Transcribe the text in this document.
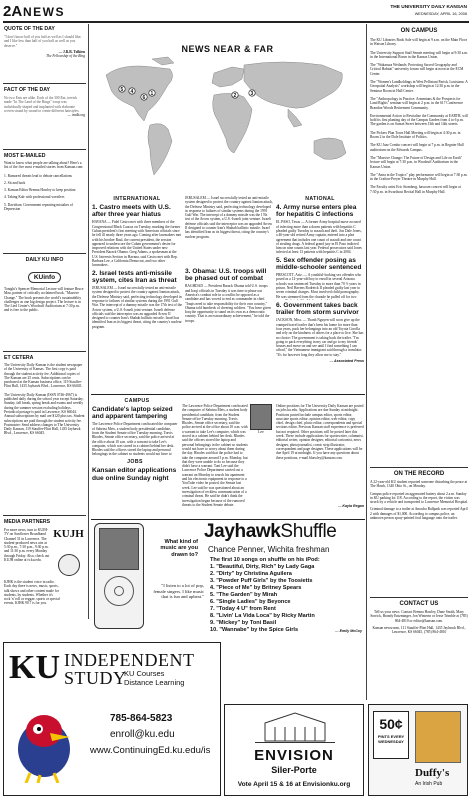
2A NEWS	THE UNIVERSITY DAILY KANSAN
WEDNESDAY, APRIL 16, 2008
QUOTE OF THE DAY
"I don't know half of you half as well as I should like; and I like less than half of you half as well as you deserve."
— J.R.R. Tolkien
The Fellowship of the Ring
FACT OF THE DAY
No two Ents are alike. Each of the 300 Ent, treeish made "In The Land of the Rings" troop was individually shaped and implanted with elaborate woven strand by strand to create different hairstyles.
— imdb.org
MOST E-MAILED
Want to know what people are talking about? Here's a list of the five most e-mailed stories from Kansan.com:
1. Rumored threats lead to debate cancellations
2. Sit and back
3. Kansan Editor Brenna Hawley to keep position
4. Taking Kalr with professional wrestlers
5. Davidson: Government repeating mistakes of Depression
DAILY KU INFO
KUinfo
Tonight's Spencer Memorial Lecture will feature Bruce Mau, partner of critically acclaimed book, "Massive Change." The book presents the world's sustainability challenges as one big design project. The lecture is in The Lied Center's Woodruff Auditorium at 7:30 p.m. and is free to the public.
ET CETERA
The University Daily Kansan is the student newspaper of the University of Kansas. The first copy is paid through the student activity fee. Additional copies of The Kansan are 25 cents. Subscriptions can be purchased at the Kansan business office, 119 Stauffer-Flint Hall, 1435 Jayhawk Blvd., Lawrence, KS 66045.
The University Daily Kansan (ISSN 0746-4967) is published daily during the school year except Saturday, Sunday, fall break, spring break and exams and weekly during the summer session excluding holidays. Periodical postage is paid in Lawrence, KS 66044. Annual subscriptions by mail are $120 plus tax. Student subscriptions are paid through the student activity fee. Postmaster: Send address changes to The University Daily Kansan, 119 Stauffer-Flint Hall, 1435 Jayhawk Blvd., Lawrence, KS 66045.
MEDIA PARTNERS
For more news, turn to KUJH-TV on Sunflower Broadband Channel 31 in Lawrence. The student-produced news airs at 5:30 p.m., 7:30 p.m., 9:30 p.m. and 11:30 p.m. every Monday through Friday. Also, check out KUJH online at tv.ku.edu.
KUJH
KJHK is the student voice in radio. Each day there is news, music, sports, talk shows and other content made for students, by students. Whether it's rock 'n' roll or reggae, sports or special events, KJHK 90.7 is for you.
NEWS NEAR & FAR
1	2	3
4
5
6
INTERNATIONAL
1. Castro meets with U.S. after three year hiatus
HAVANA — Fidel Castro met with three members of the Congressional Black Caucus on Tuesday, marking the former Cuban president's first meeting with American officials since he fell ill nearly three years ago. Coming after lawmakers met with his brother Raul, the current president, the session appeared to underscore the Cuban government's desire for improved relations with the United States under new President Barack Obama. Greg Adams, a spokesman at the U.S. Interests Section in Havana, said Castro met with Rep. Barbara Lee, a California Democrat, and two other lawmakers.
2. Israel tests anti-missile system, cites Iran as threat
JERUSALEM — Israel successfully tested an anti-missile system designed to protect the country against Iranian attack, the Defense Ministry said, perfecting technology developed in response to failures of similar systems during the 1991 Gulf War. The intercept of a dummy missile was the 17th test of the Arrow system, a U.S.-Israeli joint venture. Israeli defense officials said the interceptor was an upgraded Arrow II designed to counter Iran's Shahab ballistic missile. Israel has identified Iran as its biggest threat, citing the country's nuclear program.
JERUSALEM — Israel successfully tested an anti-missile system designed to protect the country against Iranian attack, the Defense Ministry said, perfecting technology developed in response to failures of similar systems during the 1991 Gulf War. The intercept of a dummy missile was the 17th test of the Arrow system, a U.S.-Israeli joint venture. Israeli defense officials said the interceptor was an upgraded Arrow II designed to counter Iran's Shahab ballistic missile. Israel has identified Iran as its biggest threat, citing the country's nuclear program.
3. Obama: U.S. troops will be phased out of combat
BAGHDAD — President Barack Obama told U.S. troops and Iraqi officials in Tuesday it was time to phase out America's combat role in a conflict he opposed as a candidate and has vowed to end as commander in chief. "Iraqis need to take responsibility for their own country," Obama told hundreds of cheering soldiers. "You have given Iraq the opportunity to stand on its own as a democratic country. That is an extraordinary achievement," he told the troops.
NATIONAL
4. Army nurse enters plea for hepatitis C infections
EL PASO, Texas — A former Army hospital nurse accused of infecting more than a dozen patients with hepatitis C pleaded guilty Tuesday to assault and theft. Jon Dale Jones, a 46-year-old retired Army captain, entered into a plea agreement that includes one count of assault and one count of stealing drugs. A federal grand jury in El Paso indicted him on nine counts last year. Federal prosecutors said Jones infected at least 13 patients with hepatitis C in 2004.
5. Sex offender posing as middle-schooler sentenced
PRESCOTT, Ariz. — A youthful-looking sex offender who posed as a 12-year-old boy to enroll in several Arizona schools was sentenced Tuesday to more than 70 ½ years in prison. Neil Havens Rodreick II pleaded guilty last year to seven criminal charges. Most involved child pornography. He was stemmed from the charade he pulled off for two
6. Government takes back trailer from storm survivor
JACKSON, Miss. — Thanh Nguyen will soon give up the cramped travel trailer that's been his home for more than four years, pack her belongings into an old Toyota Corolla and rely on the kindness of others for a place to live. She has no choice: The government is taking back the trailer. "I'm going to pack everything in my car and go to my friends' houses and move on and see until I find something I can afford," the Vietnamese immigrant said through a translator. "It's for however long they allow me to stay."
— Associated Press
CAMPUS
Candidate's laptop seized and apparent tampering
The Lawrence Police Department confiscated the computer of Sabrina Meis, a student body presidential candidate, from the Student Senate office Tuesday morning. Travis Rhodes, Senate office secretary, said the police arrived at the office about 10 a.m. with a warrant to take Lee's computer, which was stored in a cabinet behind her desk. Rhodes said the officers stored the laptop and personal belongings in the cabinet so students would not have to
JOBS
Kansan editor applications due online Sunday night
Lee
The Lawrence Police Department confiscated the computer of Sabrina Meis, a student body presidential candidate, from the Student Senate office Tuesday morning. Travis Rhodes, Senate office secretary, said the police arrived at the office about 10 a.m. with a warrant to take Lee's computer, which was stored in a cabinet behind her desk. Rhodes said the officers stored the laptop and personal belongings in the cabinet so students would not have to worry about them during the day. Rhodes said that the police had to take the computer around 3 p.m. Monday, but that they were unable to do so because they didn't have a warrant. Toni Lee said the Lawrence Police Department carried out a warrant on Monday to search his apartment and his electronic equipment in response to a YouTube video he posted, the Senate last week. Lee said he was questioned about an investigation of reckless communication of a criminal threat. He said he didn't think the investigation began because of the rumored threats to the Student Senate debate.
Online positions for The University Daily Kansan are posted on jobs.ku.edu. Applications are due Sunday at midnight. Positions posted include campus editor, sports editor, associate sports editor, opinion editor, web editor, copy chief, design chief, photo editor, correspondents and special sections editor. Previous Kansan staff experience is preferred but not required. Other positions will be posted later this week. These include applications for sportswriter, columnist, editorial writer, opinion designer, editorial cartoonist, news designer, photojournalist, comic strip illustrator, correspondent and page designer. These applications will be due April 19 at midnight. If you have any questions about these positions, e-mail bhawley@kansan.com.
— Kayla Regan
What kind of music are you drawn to?
"I listen to a lot of pop, female singers. I like music that is fun and upbeat."
JayhawkShuffle
Chance Penner, Wichita freshman
The first 10 songs on shuffle on his iPod:
1. "Beautiful, Dirty, Rich" by Lady Gaga
2. "Dirty" by Christina Aguilera
3. "Powder Puff Girls" by the Toosietts
4. "Piece of Me" by Britney Spears
5. "The Garden" by Mirah
6. "Single Ladies" by Beyonce
7. "Today 4 U" from Rent
8. "Livin' La Vida Loca" by Ricky Martin
9. "Mickey" by Toni Basil
10. "Wannabe" by the Spice Girls	— Emily McCoy
KU INDEPENDENT
STUDY
KU Courses
Distance Learning
785-864-5823
enroll@ku.edu
www.ContinuingEd.ku.edu/is	ENVISION
Siler-Porte
Vote April 15 & 16 at Envisionku.org
50¢
PINTS EVERY WEDNESDAY
Duffy's
An Irish Pub
ON CAMPUS
The KU Libraries Book Sale will begin at 9 a.m. on the Main Floor in Watson Library.
The University Support Staff Senate meeting will begin at 9:30 a.m. in the International Room in the Kansas Union.
The "Wakaruza Wetlands: Protecting Sacred Geography and Critical Habitat" university forum will begin at noon in the ECM Center.
The "Women's Landholdings in West Pellistani Parish, Louisiana: A Geospatial Analysis" workshop will begin at 12:30 p.m. in the Seminar Room in Hall Center.
The "Anthropology in Practice: Armenians & the Prospects for Land Rights" seminar will begin at 2 p.m. in the 617 Conference Brandon Woods Retirement Community.
Environmental Action to Revitalize the Community at EARTH, will hold its first planting day of the Campus Garden from 4 to 6 p.m. The garden is on Sunset Street between 13th and 14th streets.
The Pickers Plan Town Hall Meeting will begin at 4:30 p.m. in Room 2 in the Dole Institute of Politics.
The KU Jazz Combo concert will begin at 7 p.m. in Regnier Hall auditorium on the Edwards Campus.
The "Massive Change: The Future of Design and Life on Earth" lecture will begin at 7:30 p.m. in Woodruff Auditorium in the Kansas Union.
The "Anna in the Tropics" play performance will begin at 7:30 p.m. in the Crafton-Preyer Theatre in Murphy Hall.
The Faculty artist Eric Stomberg, bassoon concert will begin at 7:30 p.m. in Swarthout Recital Hall in Murphy Hall.
ON THE RECORD
A 22-year-old KU student reported someone disturbing the peace at The Hawk, 1340 Ohio St., on Monday.
Campus police reported an aggravated battery about 2 a.m. Sunday in KU parking lot 118. According to the report, the victim was struck by a vehicle and transported to Lawrence Memorial Hospital.
Criminal damage to a trailer at Amacha Ballpark was reported April 2 with damages of $1,000. According to campus police, an unknown person spray-painted foul language onto the trailer.
CONTACT US
Tell us your news. Contact Brenna Hawley, Dane Smith, Mary Sorrick, Brandy Entzminger, Jon Wintertn or Jesse Trimble at (785) 864-4810 or editor@kansan.com.
Kansan newsroom, 111 Stauffer-Flint Hall, 1435 Jayhawk Blvd., Lawrence, KS 66045, (785) 864-4810
